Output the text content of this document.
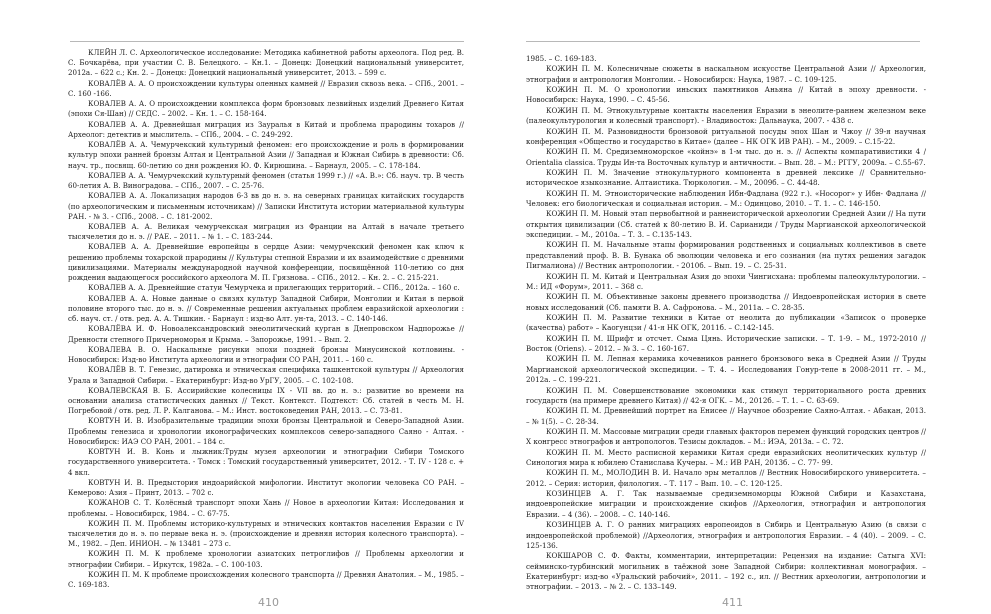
КЛЕЙН Л. С. Археологическое исследование: Методика кабинетной работы археолога. Под ред. В. С. Бочкарёва, при участии С. В. Белецкого. – Кн.1. – Донецк: Донецкий национальный университет, 2012а. – 622 с.; Кн. 2. – Донецк: Донецкий национальный университет, 2013. – 599 с.

КОВАЛЁВ А. А. О происхождении культуры оленных камней // Евразия сквозь века. – СПб., 2001. – С. 160 -166.

КОВАЛЕВ А. А. О происхождении комплекса форм бронзовых лезвийных изделий Древнего Китая (эпохи Ся-Шан) // СЕДС. – 2002. – Кн. 1. – С. 158-164.

КОВАЛЕВ А. А. Древнейшая миграция из Зауралья в Китай и проблема прародины тохаров // Археолог: детектив и мыслитель. – СПб., 2004. – С. 249-292.

КОВАЛЁВ А. А. Чемурчекский культурный феномен: его происхождение и роль в формировании культур эпохи ранней бронзы Алтая и Центральной Азии // Западная и Южная Сибирь в древности: Сб. науч. тр., посвящ. 60-летию со дня рождения Ю. Ф. Кирюшина. – Барнаул, 2005. – С. 178-184.

КОВАЛЕВ А. А. Чемурчекский культурный феномен (статья 1999 г.) // «А. В.»: Сб. науч. тр. В честь 60-летия А. В. Виноградова. – СПб., 2007. – С. 25-76.

КОВАЛЕВ А. А. Локализация народов 6-3 вв до н. э. на северных границах китайских государств (по археологическим и письменным источникам) // Записки Института истории материальной культуры РАН. - № 3. - СПб., 2008. – С. 181-2002.

КОВАЛЕВ А. А. Великая чемурчекская миграция из Франции на Алтай в начале третьего тысячелетия до н. э. // РАЕ. – 2011. – № 1. – С. 183-244.

КОВАЛЕВ А. А. Древнейшие европейцы в сердце Азии: чемурчекский феномен как ключ к решению проблемы тохарской прародины // Культуры степной Евразии и их взаимодействие с древними цивилизациями. Материалы международной научной конференции, посвящённой 110-летию со дня рождения выдающегося российского археолога М. П. Грязнова. – СПб., 2012. – Кн. 2. – С. 215-221.

КОВАЛЕВ А. А. Древнейшие статуи Чемурчека и прилегающих территорий. – СПб., 2012а. – 160 с.

КОВАЛЕВ А. А. Новые данные о связях культур Западной Сибири, Монголии и Китая в первой половине второго тыс. до н. э. // Современные решения актуальных проблем евразийской археологии : сб. науч. ст. / отв. ред. А. А. Тишкин. - Барнаул : изд-во Алт. ун-та, 2013. – С. 140-146.

КОВАЛЁВА И. Ф. Новоалександровский энеолитический курган в Днепровском Надпорожье // Древности степного Причерноморья и Крыма. – Запорожье, 1991. – Вып. 2.

КОВАЛЕВА В. О. Наскальные рисунки эпохи поздней бронзы Минусинской котловины. - Новосибирск: Изд-во Института археологии и этнографии СО РАН, 2011. – 160 с.

КОВАЛЁВ В. Т. Генезис, датировка и этническая специфика ташкентской культуры // Археология Урала и Западной Сибири. – Екатеринбург: Изд-во УрГУ, 2005. – С. 102-108.

КОВАЛЕВСКАЯ В. Б. Ассирийские колесницы IX - VII вв. до н. э.: развитие во времени на основании анализа статистических данных // Текст. Контекст. Подтекст: Сб. статей в честь М. Н. Погребовой / отв. ред. Л. Р. Калганова. – М.: Инст. востоковедения РАН, 2013. – С. 73-81.

КОВТУН И. В. Изобразительные традиции эпохи бронзы Центральной и Северо-Западной Азии. Проблемы генезиса и хронологии иконографических комплексов северо-западного Саяно - Алтая. - Новосибирск: ИАЭ СО РАН, 2001. – 184 с.

КОВТУН И. В. Конь и лыжник:Труды музея археологии и этнографии Сибири Томского государственного университета. - Томск : Томский государственный университет, 2012. - Т. IV - 128 с. + 4 вкл.

КОВТУН И. В. Предыстория индоарийской мифологии. Институт экологии человека СО РАН. – Кемерово: Азия – Принт, 2013. – 702 с.

КОЖАНОВ С. Т. Колёсный транспорт эпохи Хань // Новое в археологии Китая: Исследования и проблемы. – Новосибирск, 1984. – С. 67-75.

КОЖИН П. М. Проблемы историко-культурных и этнических контактов населения Евразии с IV тысячелетия до н. э. по первые века н. э. (происхождение и древняя история колесного транспорта). – М., 1982. – Деп. ИНИОН. – № 13481 – 273 с.

КОЖИН П. М. К проблеме хронологии азиатских петроглифов // Проблемы археологии и этнографии Сибири. – Иркутск, 1982а. – С. 100-103.

КОЖИН П. М. К проблеме происхождения колесного транспорта // Древняя Анатолия. – М., 1985. – С. 169-183.

410

1985. – С. 169-183.

КОЖИН П. М. Колесничные сюжеты в наскальном искусстве Центральной Азии // Археология, этнография и антропология Монголии. – Новосибирск: Наука, 1987. – С. 109-125.

КОЖИН П. М. О хронологии иньских памятников Аньяна // Китай в эпоху древности. - Новосибирск: Наука, 1990. – С. 45-56.

КОЖИН П. М. Этнокультурные контакты населения Евразии в энеолите-раннем железном веке (палеокультурология и колесный транспорт). - Владивосток: Дальнаука, 2007. - 438 с.

КОЖИН П. М. Разновидности бронзовой ритуальной посуды эпох Шан и Чжоу // 39-я научная конференция «Общество и государство в Китае» (далее – НК ОГК ИВ РАН). – М., 2009. – С.15-22.

КОЖИН П. М. Средиземноморское «койнэ» в 1-м тыс. до н. э. // Аспекты компаративистики 4 / Orientalia classica. Труды Ин-та Восточных культур и античности. – Вып. 28. – М.: РГГУ, 2009а. – С.55-67.

КОЖИН П. М. Значение этнокультурного компонента в древней лексике // Сравнительно-историческое языкознание. Алтаистика. Тюркология. – М., 2009б. – С. 44-48.

КОЖИН П. М. Этноисторические наблюдения Ибн-Фадлана (922 г.). «Носорог» у Ибн- Фадлана // Человек: его биологическая и социальная история. – М.: Одинцово, 2010. – Т. 1. – С. 146-150.

КОЖИН П. М. Новый этап первобытной и раннеисторической археологии Средней Азии // На пути открытия цивилизации (Сб. статей к 80-летию В. И. Сарианиди / Труды Маргианской археологической экспедиции. – М., 2010а. – Т. 3. – С.135-143.

КОЖИН П. М. Начальные этапы формирования родственных и социальных коллективов в свете представлений проф. В. В. Бунака об эволюции человека и его сознания (на путях решения загадок Пигмалиона) // Вестник антропологии. - 2010б. – Вып. 19. – С. 25-31.

КОЖИН П. М. Китай и Центральная Азия до эпохи Чингисхана: проблемы палеокультурологии. – М.: ИД «Форум», 2011. – 368 с.

КОЖИН П. М. Объективные законы древнего производства // Индоевропейская история в свете новых исследований (Сб. памяти В. А. Сафронова. – М., 2011а. – С. 28-35.

КОЖИН П. М. Развитие техники в Китае от неолита до публикации «Записок о проверке (качества) работ» – Каогунцзи / 41-я НК ОГК, 2011б. – С.142-145.

КОЖИН П. М. Шрифт и отсчет. Сыма Цянь. Исторические записки. – Т. 1-9. – М., 1972-2010 // Восток (Oriens). – 2012. – № 3. – С. 160-167.

КОЖИН П. М. Лепная керамика кочевников раннего бронзового века в Средней Азии // Труды Маргианской археологической экспедиции. – Т. 4. – Исследования Гонур-тепе в 2008-2011 гг. – М., 2012а. – С. 199-221.

КОЖИН П. М. Совершенствование экономики как стимул территориального роста древних государств (на примере древнего Китая) // 42-я ОГК. – М., 2012б. – Т. 1. – С. 63-69.

КОЖИН П. М. Древнейший портрет на Енисее // Научное обозрение Саяно-Алтая. - Абакан, 2013. – № 1(5). – С. 28-34.

КОЖИН П. М. Массовые миграции среди главных факторов перемен функций городских центров // Х конгресс этнографов и антропологов. Тезисы докладов. – М.: ИЭА, 2013а. – С. 72.

КОЖИН П. М. Место расписной керамики Китая среди евразийских неолитических культур // Синология мира к юбилею Станислава Кучеры. – М.: ИВ РАН, 2013б. – С. 77- 99.

КОЖИН П. М., МОЛОДИН В. И. Начало эры металлов // Вестник Новосибирского университета. – 2012. – Серия: история, филология. – Т. 117 – Вып. 10. – С. 120-125.

КОЗИНЦЕВ А. Г. Так называемые средиземноморцы Южной Сибири и Казахстана, индоевропейские миграции и происхождение скифов //Археология, этнография и антропология Евразии. – 4 (36). – 2008. – С. 140-146.

КОЗИНЦЕВ А. Г. О ранних миграциях европеоидов в Сибирь и Центральную Азию (в связи с индоевропейской проблемой) //Археология, этнография и антропология Евразии. – 4 (40). – 2009. – С. 125-136.

КОКШАРОВ С. Ф. Факты, комментарии, интерпретации: Рецензия на издание: Сатыга XVI: сейминско-турбинский могильник в таёжной зоне Западной Сибири: коллективная монография. – Екатеринбург: изд-во «Уральский рабочий», 2011. – 192 с., ил. // Вестник археологии, антропологии и этнографии. – 2013. – № 2. – С. 133–149.

411
